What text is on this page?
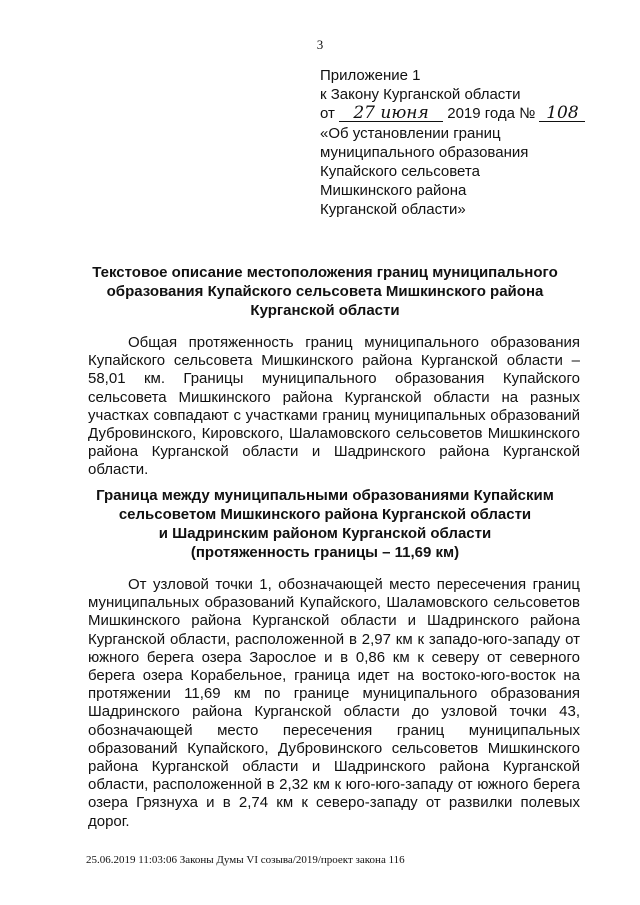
3
Приложение 1
к Закону Курганской области
от 27 июня 2019 года № 108
«Об установлении границ
муниципального образования
Купайского сельсовета
Мишкинского района
Курганской области»
Текстовое описание местоположения границ муниципального
образования Купайского сельсовета Мишкинского района
Курганской области
Общая протяженность границ муниципального образования Купайского сельсовета Мишкинского района Курганской области – 58,01 км. Границы муниципального образования Купайского сельсовета Мишкинского района Курганской области на разных участках совпадают с участками границ муниципальных образований Дубровинского, Кировского, Шаламовского сельсоветов Мишкинского района Курганской области и Шадринского района Курганской области.
Граница между муниципальными образованиями Купайским
сельсоветом Мишкинского района Курганской области
и Шадринским районом Курганской области
(протяженность границы – 11,69 км)
От узловой точки 1, обозначающей место пересечения границ муниципальных образований Купайского, Шаламовского сельсоветов Мишкинского района Курганской области и Шадринского района Курганской области, расположенной в 2,97 км к западо-юго-западу от южного берега озера Зарослое и в 0,86 км к северу от северного берега озера Корабельное, граница идет на востоко-юго-восток на протяжении 11,69 км по границе муниципального образования Шадринского района Курганской области до узловой точки 43, обозначающей место пересечения границ муниципальных образований Купайского, Дубровинского сельсоветов Мишкинского района Курганской области и Шадринского района Курганской области, расположенной в 2,32 км к юго-юго-западу от южного берега озера Грязнуха и в 2,74 км к северо-западу от развилки полевых дорог.
25.06.2019 11:03:06 Законы Думы VI созыва/2019/проект закона 116
